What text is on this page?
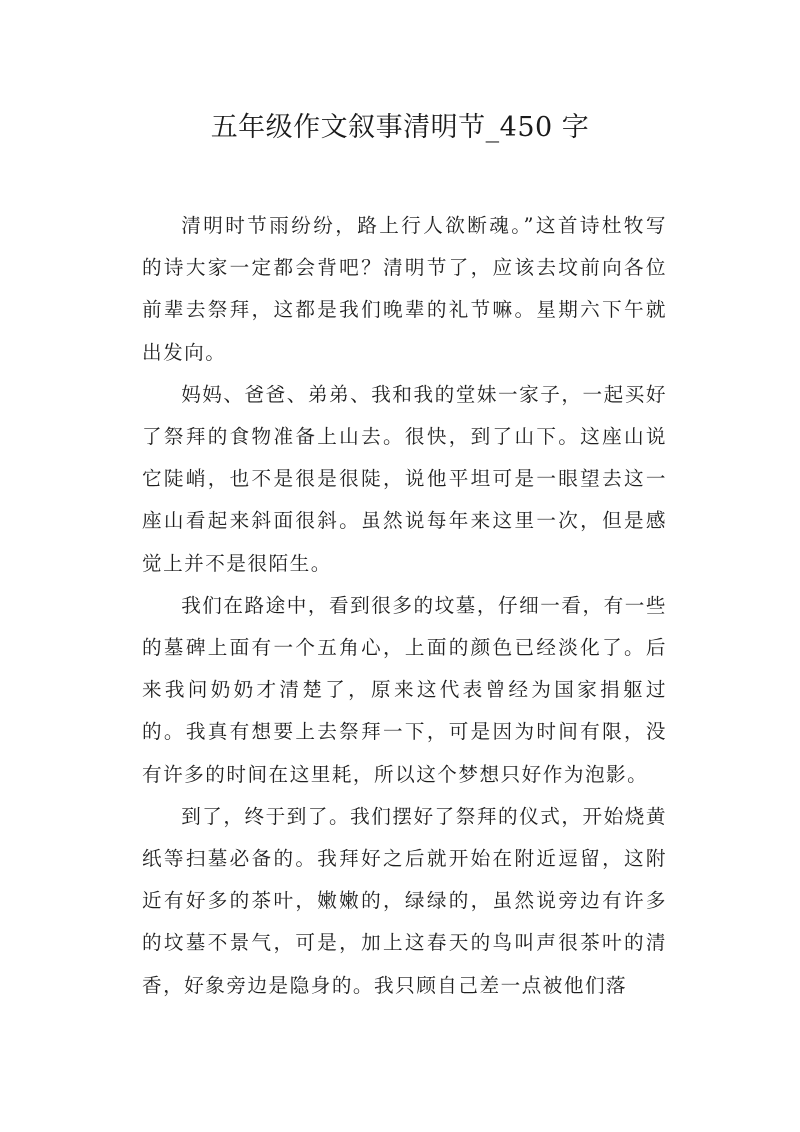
五年级作文叙事清明节_450 字

清明时节雨纷纷，路上行人欲断魂。”这首诗杜牧写的诗大家一定都会背吧？清明节了，应该去坟前向各位前辈去祭拜，这都是我们晚辈的礼节嘛。星期六下午就出发向。

妈妈、爸爸、弟弟、我和我的堂妹一家子，一起买好了祭拜的食物准备上山去。很快，到了山下。这座山说它陡峭，也不是很是很陡，说他平坦可是一眼望去这一座山看起来斜面很斜。虽然说每年来这里一次，但是感觉上并不是很陌生。

我们在路途中，看到很多的坟墓，仔细一看，有一些的墓碑上面有一个五角心，上面的颜色已经淡化了。后来我问奶奶才清楚了，原来这代表曾经为国家捐躯过的。我真有想要上去祭拜一下，可是因为时间有限，没有许多的时间在这里耗，所以这个梦想只好作为泡影。

到了，终于到了。我们摆好了祭拜的仪式，开始烧黄纸等扫墓必备的。我拜好之后就开始在附近逗留，这附近有好多的茶叶，嫩嫩的，绿绿的，虽然说旁边有许多的坟墓不景气，可是，加上这春天的鸟叫声很茶叶的清香，好象旁边是隐身的。我只顾自己差一点被他们落
